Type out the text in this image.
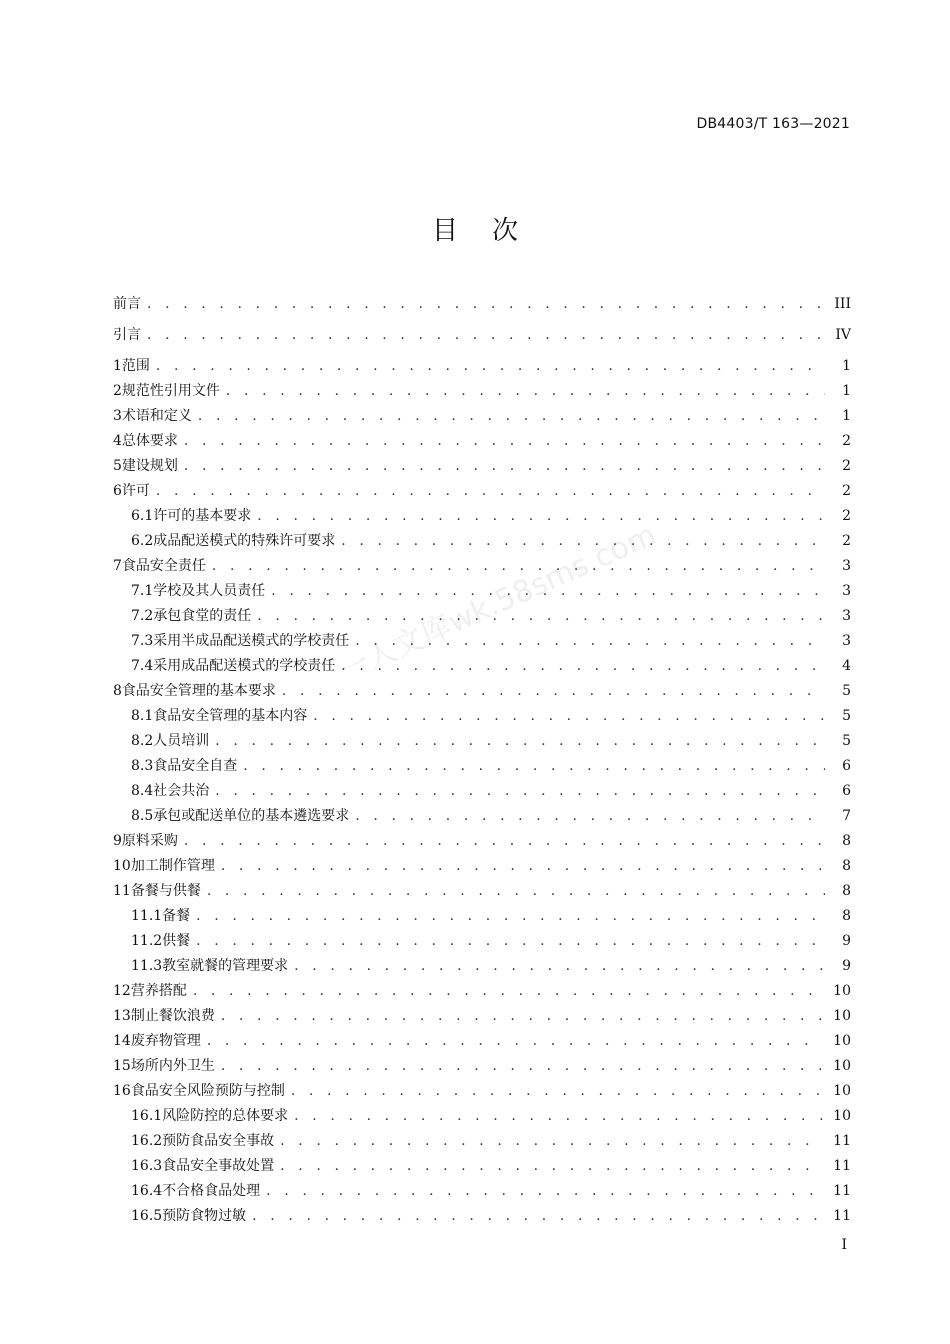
DB4403/T 163—2021
目次
一人文库wk.58sms.com
前言 . . .	III
引言 . . .	IV
1 范围 . . .	1
2 规范性引用文件 . . .	1
3 术语和定义 . . .	1
4 总体要求 . . .	2
5 建设规划 . . .	2
6 许可 . . .	2
6.1 许可的基本要求 . . .	2
6.2 成品配送模式的特殊许可要求 . . .	2
7 食品安全责任 . . .	3
7.1 学校及其人员责任 . . .	3
7.2 承包食堂的责任 . . .	3
7.3 采用半成品配送模式的学校责任 . . .	3
7.4 采用成品配送模式的学校责任 . . .	4
8 食品安全管理的基本要求 . . .	5
8.1 食品安全管理的基本内容 . . .	5
8.2 人员培训 . . .	5
8.3 食品安全自查 . . .	6
8.4 社会共治 . . .	6
8.5 承包或配送单位的基本遴选要求 . . .	7
9 原料采购 . . .	8
10 加工制作管理 . . .	8
11 备餐与供餐 . . .	8
11.1 备餐 . . .	8
11.2 供餐 . . .	9
11.3 教室就餐的管理要求 . . .	9
12 营养搭配 . . .	10
13 制止餐饮浪费 . . .	10
14 废弃物管理 . . .	10
15 场所内外卫生 . . .	10
16 食品安全风险预防与控制 . . .	10
16.1 风险防控的总体要求 . . .	10
16.2 预防食品安全事故 . . .	11
16.3 食品安全事故处置 . . .	11
16.4 不合格食品处理 . . .	11
16.5 预防食物过敏 . . .	11
I
